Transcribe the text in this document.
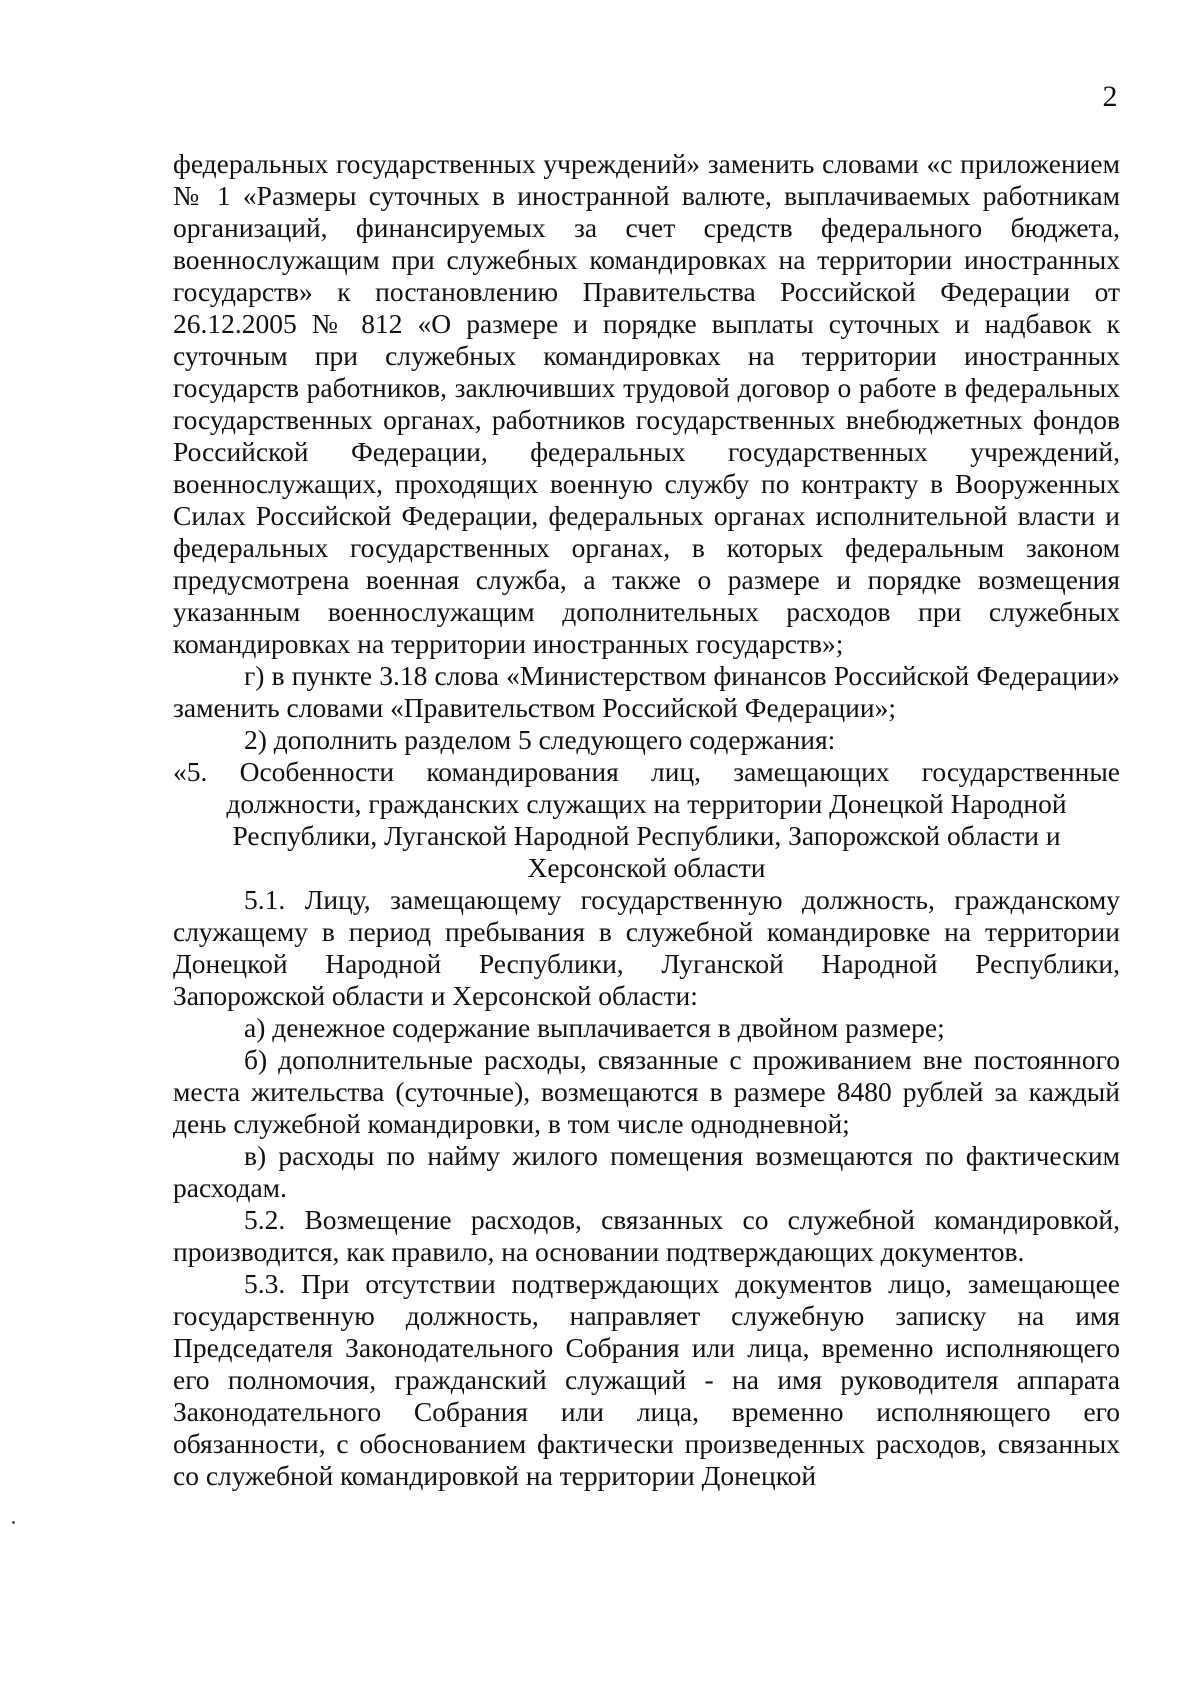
2

федеральных государственных учреждений» заменить словами «с приложением № 1 «Размеры суточных в иностранной валюте, выплачиваемых работникам организаций, финансируемых за счет средств федерального бюджета, военнослужащим при служебных командировках на территории иностранных государств» к постановлению Правительства Российской Федерации от 26.12.2005 № 812 «О размере и порядке выплаты суточных и надбавок к суточным при служебных командировках на территории иностранных государств работников, заключивших трудовой договор о работе в федеральных государственных органах, работников государственных внебюджетных фондов Российской Федерации, федеральных государственных учреждений, военнослужащих, проходящих военную службу по контракту в Вооруженных Силах Российской Федерации, федеральных органах исполнительной власти и федеральных государственных органах, в которых федеральным законом предусмотрена военная служба, а также о размере и порядке возмещения указанным военнослужащим дополнительных расходов при служебных командировках на территории иностранных государств»;

г) в пункте 3.18 слова «Министерством финансов Российской Федерации» заменить словами «Правительством Российской Федерации»;

2) дополнить разделом 5 следующего содержания:

«5. Особенности командирования лиц, замещающих государственные
должности, гражданских служащих на территории Донецкой Народной
Республики, Луганской Народной Республики, Запорожской области и
Херсонской области

5.1. Лицу, замещающему государственную должность, гражданскому служащему в период пребывания в служебной командировке на территории Донецкой Народной Республики, Луганской Народной Республики, Запорожской области и Херсонской области:

а) денежное содержание выплачивается в двойном размере;

б) дополнительные расходы, связанные с проживанием вне постоянного места жительства (суточные), возмещаются в размере 8480 рублей за каждый день служебной командировки, в том числе однодневной;

в) расходы по найму жилого помещения возмещаются по фактическим расходам.

5.2. Возмещение расходов, связанных со служебной командировкой, производится, как правило, на основании подтверждающих документов.

5.3. При отсутствии подтверждающих документов лицо, замещающее государственную должность, направляет служебную записку на имя Председателя Законодательного Собрания или лица, временно исполняющего его полномочия, гражданский служащий - на имя руководителя аппарата Законодательного Собрания или лица, временно исполняющего его обязанности, с обоснованием фактически произведенных расходов, связанных со служебной командировкой на территории Донецкой
